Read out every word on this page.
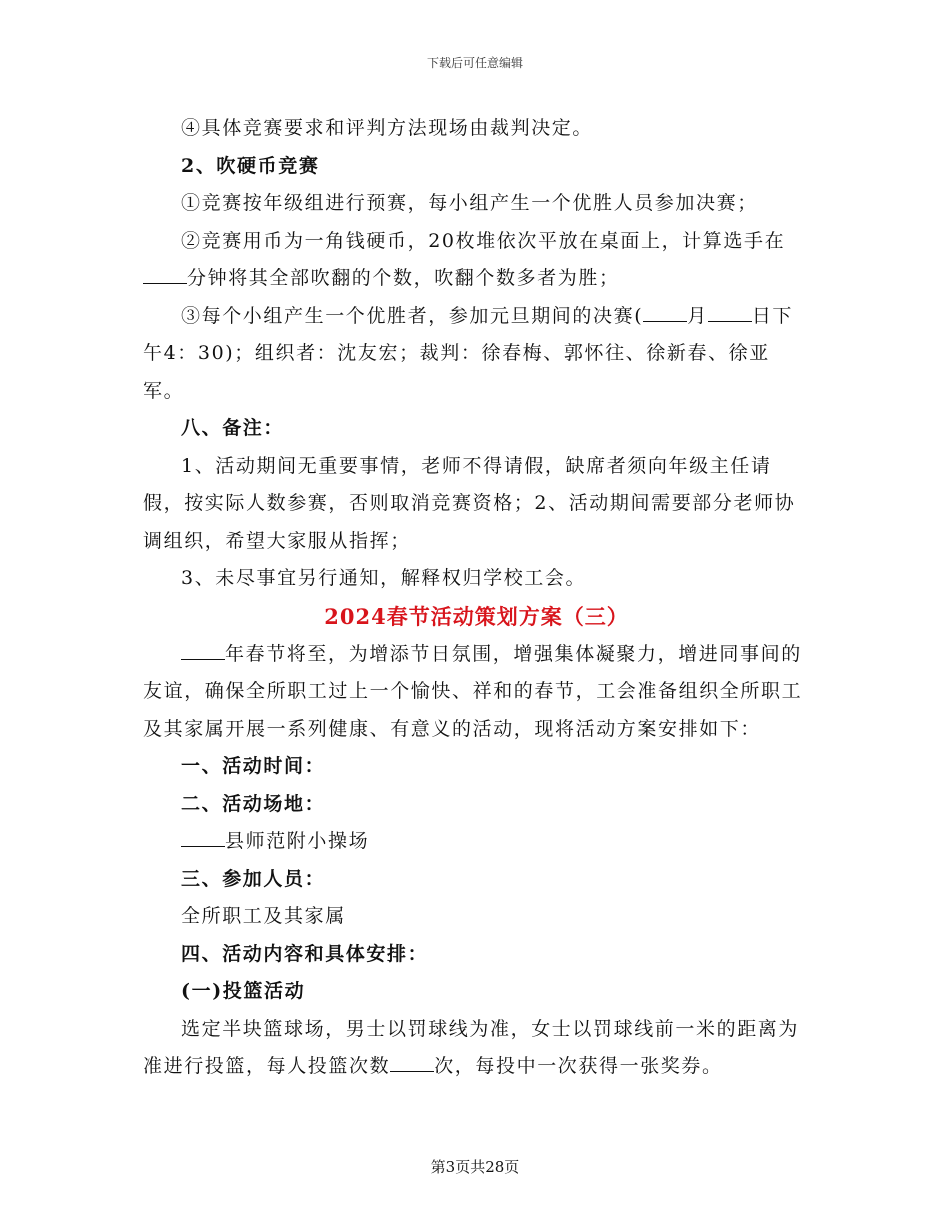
下载后可任意编辑

④具体竞赛要求和评判方法现场由裁判决定。

2、吹硬币竞赛

①竞赛按年级组进行预赛，每小组产生一个优胜人员参加决赛；

②竞赛用币为一角钱硬币，20枚堆依次平放在桌面上，计算选手在分钟将其全部吹翻的个数，吹翻个数多者为胜；

③每个小组产生一个优胜者，参加元旦期间的决赛( 月 日下午4：30)；组织者：沈友宏；裁判：徐春梅、郭怀往、徐新春、徐亚军。

八、备注：

1、活动期间无重要事情，老师不得请假，缺席者须向年级主任请假，按实际人数参赛，否则取消竞赛资格；2、活动期间需要部分老师协调组织，希望大家服从指挥；

3、未尽事宜另行通知，解释权归学校工会。

2024春节活动策划方案（三）

年春节将至，为增添节日氛围，增强集体凝聚力，增进同事间的友谊，确保全所职工过上一个愉快、祥和的春节，工会准备组织全所职工及其家属开展一系列健康、有意义的活动，现将活动方案安排如下：

一、活动时间：

二、活动场地：

县师范附小操场

三、参加人员：

全所职工及其家属

四、活动内容和具体安排：

(一)投篮活动

选定半块篮球场，男士以罚球线为准，女士以罚球线前一米的距离为准进行投篮，每人投篮次数 次，每投中一次获得一张奖券。

第3页共28页
